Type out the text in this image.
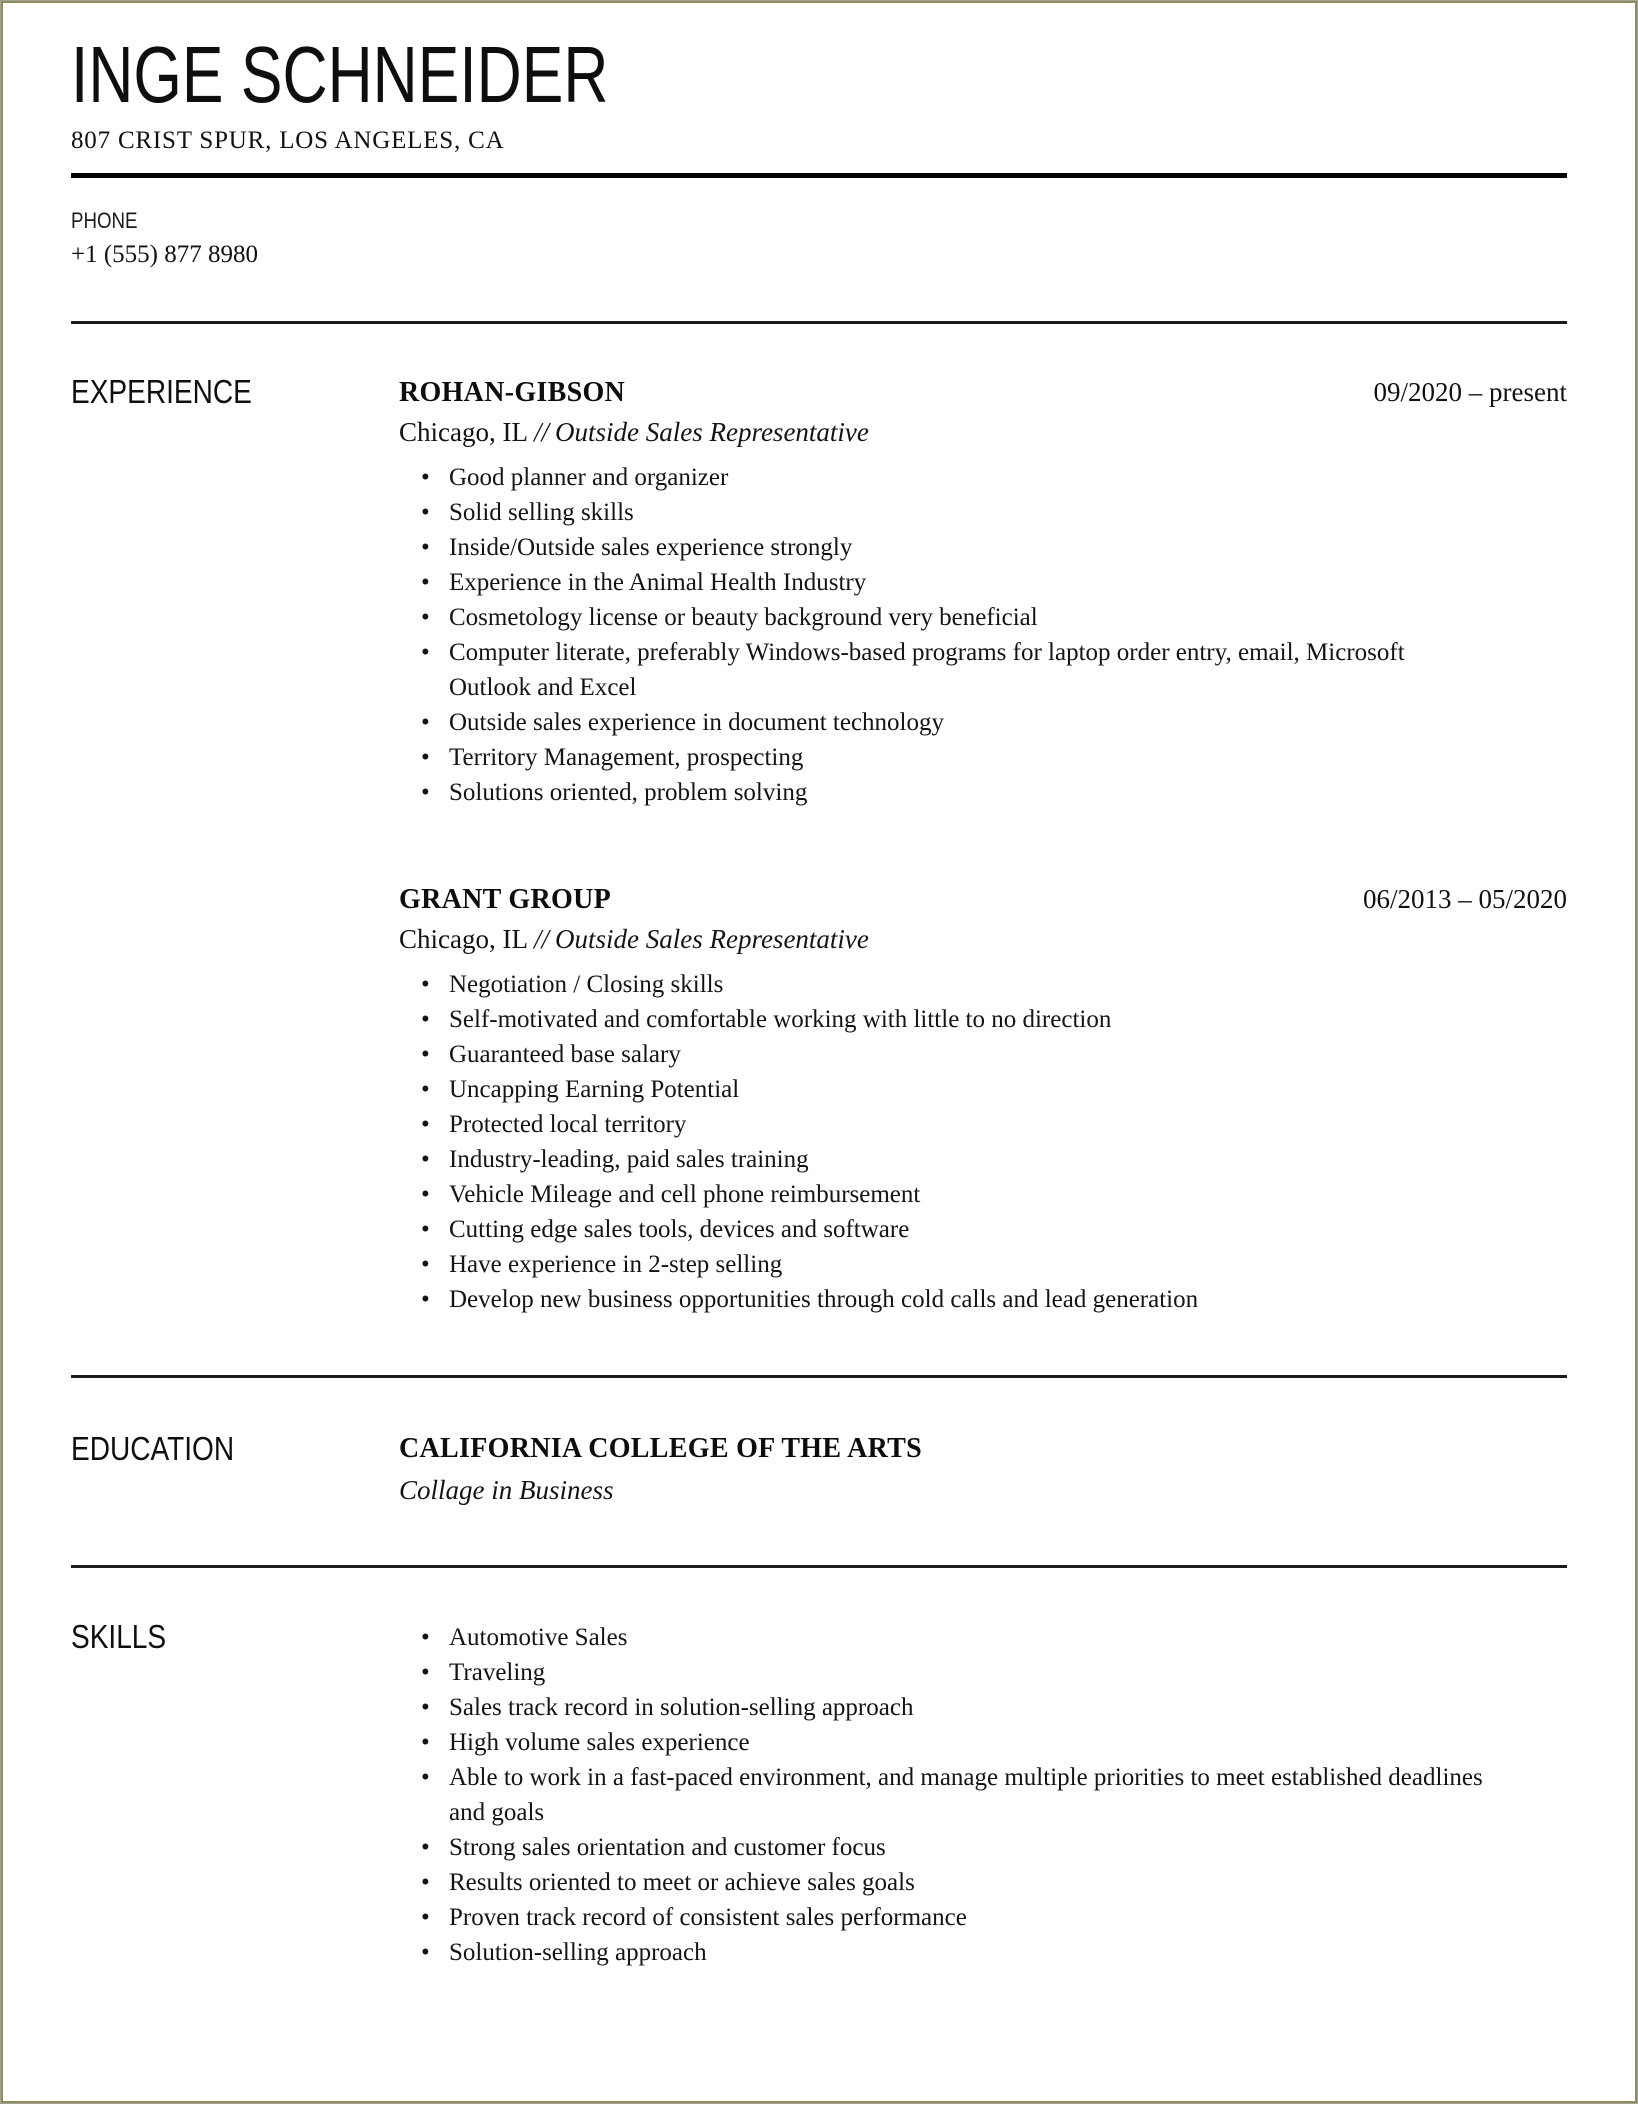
INGE SCHNEIDER
807 CRIST SPUR, LOS ANGELES, CA
PHONE
+1 (555) 877 8980
EXPERIENCE	ROHAN-GIBSON	09/2020 – present
Chicago, IL // Outside Sales Representative
• Good planner and organizer
• Solid selling skills
• Inside/Outside sales experience strongly
• Experience in the Animal Health Industry
• Cosmetology license or beauty background very beneficial
• Computer literate, preferably Windows-based programs for laptop order entry, email, Microsoft Outlook and Excel
• Outside sales experience in document technology
• Territory Management, prospecting
• Solutions oriented, problem solving
GRANT GROUP	06/2013 – 05/2020
Chicago, IL // Outside Sales Representative
• Negotiation / Closing skills
• Self-motivated and comfortable working with little to no direction
• Guaranteed base salary
• Uncapping Earning Potential
• Protected local territory
• Industry-leading, paid sales training
• Vehicle Mileage and cell phone reimbursement
• Cutting edge sales tools, devices and software
• Have experience in 2-step selling
• Develop new business opportunities through cold calls and lead generation
EDUCATION	CALIFORNIA COLLEGE OF THE ARTS
Collage in Business
SKILLS	• Automotive Sales
• Traveling
• Sales track record in solution-selling approach
• High volume sales experience
• Able to work in a fast-paced environment, and manage multiple priorities to meet established deadlines and goals
• Strong sales orientation and customer focus
• Results oriented to meet or achieve sales goals
• Proven track record of consistent sales performance
• Solution-selling approach
